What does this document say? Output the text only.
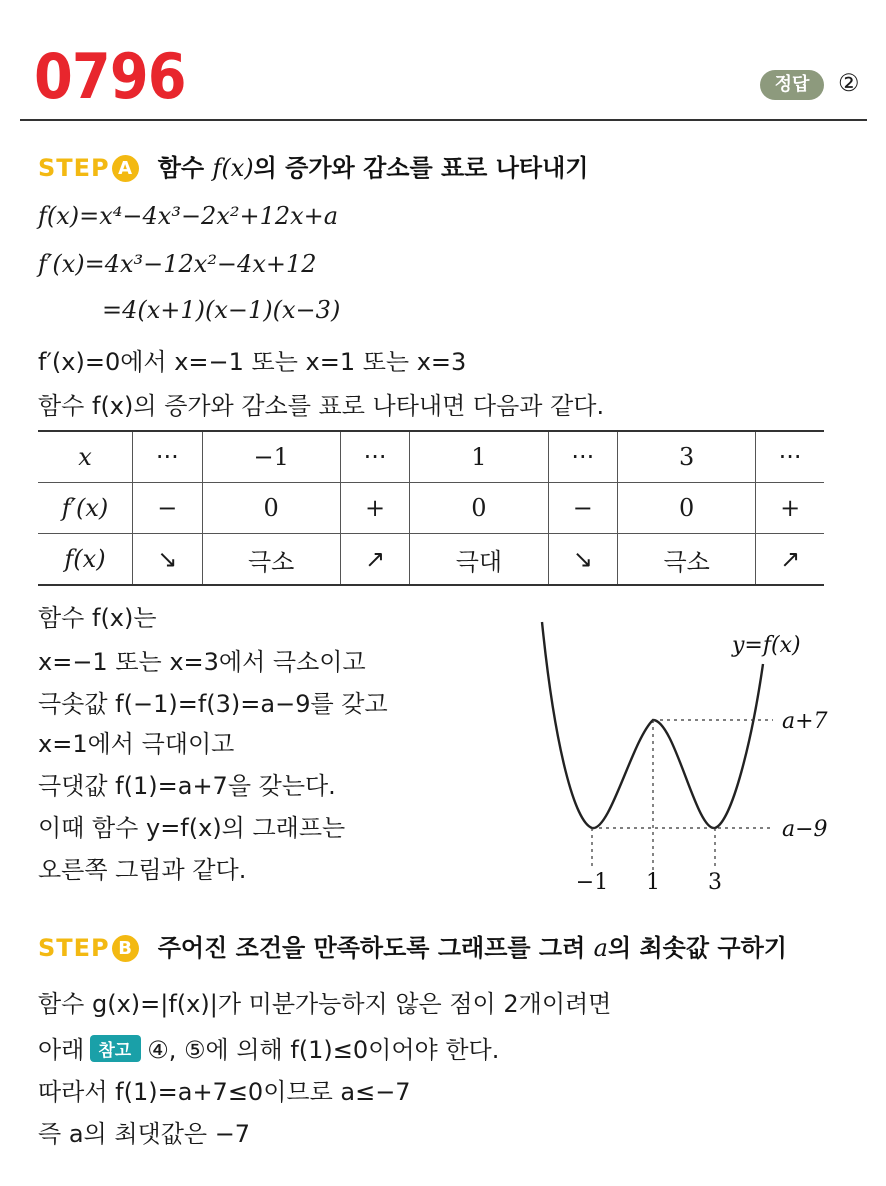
0796	정답	②
STEP A 함수 f(x)의 증가와 감소를 표로 나타내기
f(x)=x⁴−4x³−2x²+12x+a
f′(x)=4x³−12x²−4x+12
=4(x+1)(x−1)(x−3)
f′(x)=0에서 x=−1 또는 x=1 또는 x=3
함수 f(x)의 증가와 감소를 표로 나타내면 다음과 같다.
x	···	−1	···	1	···	3	···
f′(x)	−	0	+	0	−	0	+
f(x)	↘	극소	↗	극대	↘	극소	↗
함수 f(x)는
x=−1 또는 x=3에서 극소이고
극솟값 f(−1)=f(3)=a−9를 갖고
x=1에서 극대이고
극댓값 f(1)=a+7을 갖는다.
이때 함수 y=f(x)의 그래프는
오른쪽 그림과 같다.
y=f(x)
a+7
a−9
−1 1 3
STEP B 주어진 조건을 만족하도록 그래프를 그려 a의 최솟값 구하기
함수 g(x)=|f(x)|가 미분가능하지 않은 점이 2개이려면
아래 참고 ④, ⑤에 의해 f(1)≤0이어야 한다.
따라서 f(1)=a+7≤0이므로 a≤−7
즉 a의 최댓값은 −7
